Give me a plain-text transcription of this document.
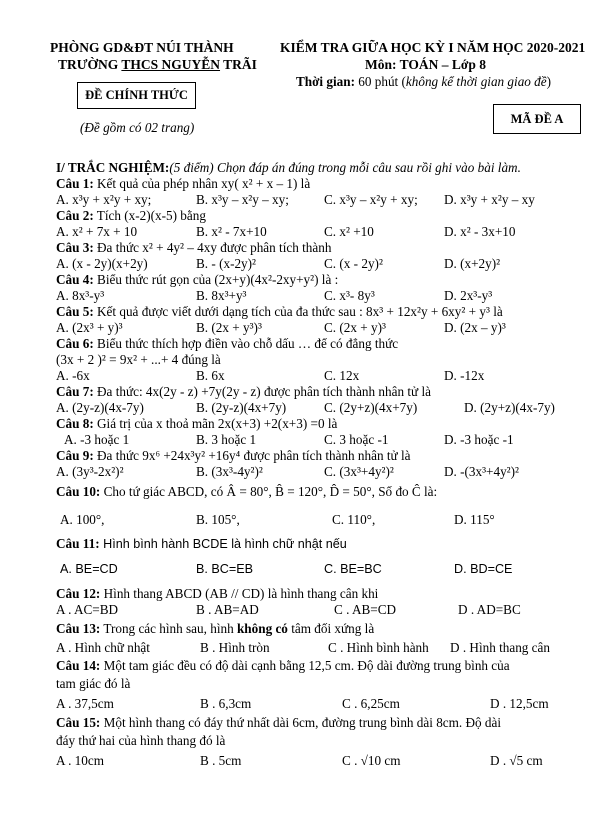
PHÒNG GD&ĐT NÚI THÀNH
TRƯỜNG THCS NGUYỄN TRÃI
ĐỀ CHÍNH THỨC
(Đề gồm có 02 trang)
KIỂM TRA GIỮA HỌC KỲ I NĂM HỌC 2020-2021
Môn: TOÁN – Lớp 8
Thời gian: 60 phút (không kể thời gian giao đề)
MÃ ĐỀ A
I/ TRẮC NGHIỆM:(5 điểm) Chọn đáp án đúng trong mỗi câu sau rồi ghi vào bài làm.
Câu 1: Kết quả của phép nhân xy( x² + x – 1) là
A. x³y + x²y + xy;	B. x³y – x²y – xy;	C. x³y – x²y + xy; D. x³y + x²y – xy
Câu 2: Tích (x-2)(x-5) bằng
A. x² + 7x + 10	B. x² - 7x+10	C. x² +10	D. x² - 3x+10
Câu 3: Đa thức x² + 4y² – 4xy được phân tích thành
A. (x - 2y)(x+2y)	B. - (x-2y)²	C. (x - 2y)²	D. (x+2y)²
Câu 4: Biểu thức rút gọn của (2x+y)(4x²-2xy+y²) là :
A. 8x³-y³	B. 8x³+y³	C. x³- 8y³	D. 2x³-y³
Câu 5: Kết quả được viết dưới dạng tích của đa thức sau : 8x³ + 12x²y + 6xy² + y³ là
A. (2x³ + y)³	B. (2x + y³)³	C. (2x + y)³	D. (2x – y)³
Câu 6: Biểu thức thích hợp điền vào chỗ dấu … để có đẳng thức
(3x + 2 )² = 9x² + ...+ 4 đúng là
A. -6x	B. 6x	C. 12x	D. -12x
Câu 7: Đa thức: 4x(2y - z) +7y(2y - z) được phân tích thành nhân tử là
A. (2y-z)(4x-7y)	B. (2y-z)(4x+7y)	C. (2y+z)(4x+7y)	D. (2y+z)(4x-7y)
Câu 8: Giá trị của x thoả mãn 2x(x+3) +2(x+3) =0 là
A. -3 hoặc 1	B. 3 hoặc 1	C. 3 hoặc -1	D. -3 hoặc -1
Câu 9: Đa thức 9x⁶ +24x³y² +16y⁴ được phân tích thành nhân tử là
A. (3y³-2x²)²	B. (3x³-4y²)²	C. (3x³+4y²)²	D. -(3x³+4y²)²
Câu 10: Cho tứ giác ABCD, có Â = 80°, B̂ = 120°, D̂ = 50°, Số đo Ĉ là:
A. 100°,	B. 105°,	C. 110°,	D. 115°
Câu 11: Hình bình hành BCDE là hình chữ nhật nếu
A. BE=CD	B. BC=EB	C. BE=BC	D. BD=CE
Câu 12: Hình thang ABCD (AB // CD) là hình thang cân khi
A . AC=BD	B . AB=AD	C . AB=CD	D . AD=BC
Câu 13: Trong các hình sau, hình không có tâm đối xứng là
A . Hình chữ nhật	B . Hình tròn	C . Hình bình hành D . Hình thang cân
Câu 14: Một tam giác đều có độ dài cạnh bằng 12,5 cm. Độ dài đường trung bình của
tam giác đó là
A . 37,5cm	B . 6,3cm	C . 6,25cm	D . 12,5cm
Câu 15: Một hình thang có đáy thứ nhất dài 6cm, đường trung bình dài 8cm. Độ dài
đáy thứ hai của hình thang đó là
A . 10cm	B . 5cm	C . √10 cm	D . √5 cm
